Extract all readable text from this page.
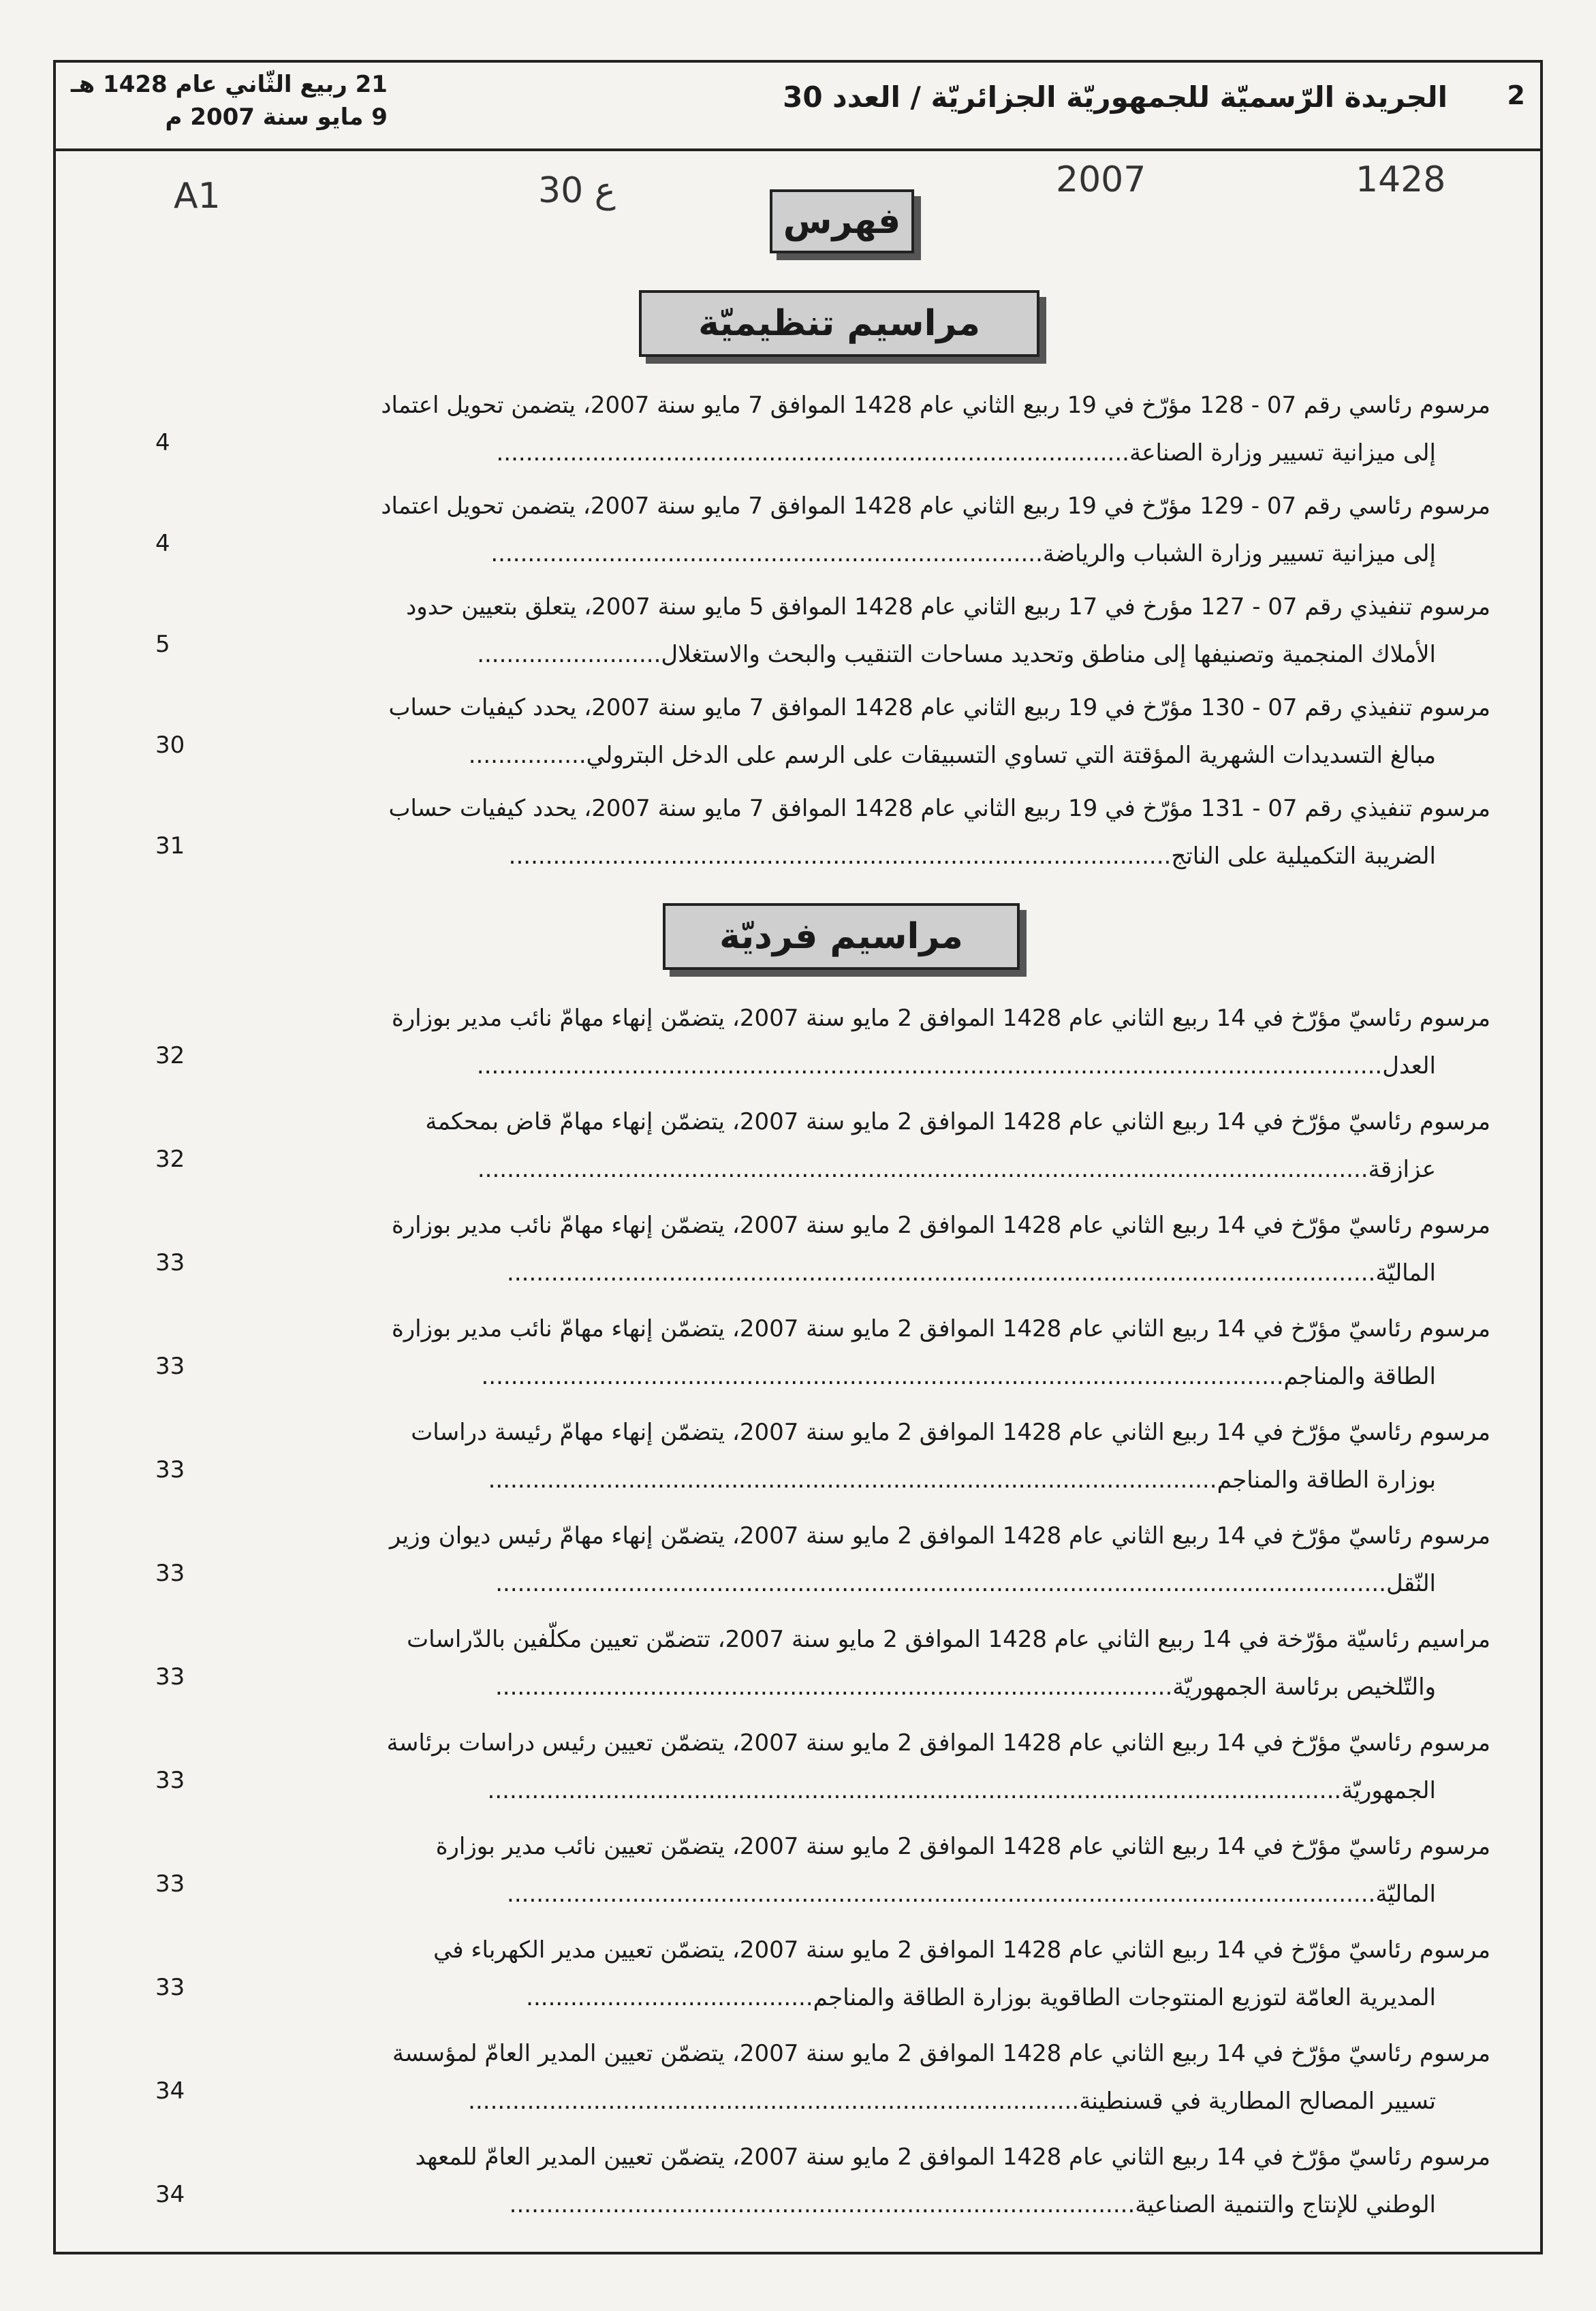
2
الجريدة الرّسميّة للجمهوريّة الجزائريّة / العدد 30
21 ربيع الثّاني عام 1428 هـ
9 مايو سنة 2007 م
1428
2007
ع 30
A1
فهرس
مراسيم تنظيميّة
مراسيم فرديّة

مرسوم رئاسي رقم 07 - 128 مؤرّخ في 19 ربيع الثاني عام 1428 الموافق 7 مايو سنة 2007، يتضمن تحويل اعتماد

إلى ميزانية تسيير وزارة الصناعة......................................................................................

4

مرسوم رئاسي رقم 07 - 129 مؤرّخ في 19 ربيع الثاني عام 1428 الموافق 7 مايو سنة 2007، يتضمن تحويل اعتماد

إلى ميزانية تسيير وزارة الشباب والرياضة...........................................................................

4

مرسوم تنفيذي رقم 07 - 127 مؤرخ في 17 ربيع الثاني عام 1428 الموافق 5 مايو سنة 2007، يتعلق بتعيين حدود

الأملاك المنجمية وتصنيفها إلى مناطق وتحديد مساحات التنقيب والبحث والاستغلال.........................

5

مرسوم تنفيذي رقم 07 - 130 مؤرّخ في 19 ربيع الثاني عام 1428 الموافق 7 مايو سنة 2007، يحدد كيفيات حساب

مبالغ التسديدات الشهرية المؤقتة التي تساوي التسبيقات على الرسم على الدخل البترولي................

30

مرسوم تنفيذي رقم 07 - 131 مؤرّخ في 19 ربيع الثاني عام 1428 الموافق 7 مايو سنة 2007، يحدد كيفيات حساب

الضريبة التكميلية على الناتج..........................................................................................

31

مرسوم رئاسيّ مؤرّخ في 14 ربيع الثاني عام 1428 الموافق 2 مايو سنة 2007، يتضمّن إنهاء مهامّ نائب مدير بوزارة

العدل...........................................................................................................................

32

مرسوم رئاسيّ مؤرّخ في 14 ربيع الثاني عام 1428 الموافق 2 مايو سنة 2007، يتضمّن إنهاء مهامّ قاض بمحكمة

عزازقة.........................................................................................................................

32

مرسوم رئاسيّ مؤرّخ في 14 ربيع الثاني عام 1428 الموافق 2 مايو سنة 2007، يتضمّن إنهاء مهامّ نائب مدير بوزارة

الماليّة......................................................................................................................

33

مرسوم رئاسيّ مؤرّخ في 14 ربيع الثاني عام 1428 الموافق 2 مايو سنة 2007، يتضمّن إنهاء مهامّ نائب مدير بوزارة

الطاقة والمناجم.............................................................................................................

33

مرسوم رئاسيّ مؤرّخ في 14 ربيع الثاني عام 1428 الموافق 2 مايو سنة 2007، يتضمّن إنهاء مهامّ رئيسة دراسات

بوزارة الطاقة والمناجم...................................................................................................

33

مرسوم رئاسيّ مؤرّخ في 14 ربيع الثاني عام 1428 الموافق 2 مايو سنة 2007، يتضمّن إنهاء مهامّ رئيس ديوان وزير

النّقل.........................................................................................................................

33

مراسيم رئاسيّة مؤرّخة في 14 ربيع الثاني عام 1428 الموافق 2 مايو سنة 2007، تتضمّن تعيين مكلّفين بالدّراسات

والتّلخيص برئاسة الجمهوريّة............................................................................................

33

مرسوم رئاسيّ مؤرّخ في 14 ربيع الثاني عام 1428 الموافق 2 مايو سنة 2007، يتضمّن تعيين رئيس دراسات برئاسة

الجمهوريّة....................................................................................................................

33

مرسوم رئاسيّ مؤرّخ في 14 ربيع الثاني عام 1428 الموافق 2 مايو سنة 2007، يتضمّن تعيين نائب مدير بوزارة

الماليّة......................................................................................................................

33

مرسوم رئاسيّ مؤرّخ في 14 ربيع الثاني عام 1428 الموافق 2 مايو سنة 2007، يتضمّن تعيين مدير الكهرباء في

المديرية العامّة لتوزيع المنتوجات الطاقوية بوزارة الطاقة والمناجم.......................................

33

مرسوم رئاسيّ مؤرّخ في 14 ربيع الثاني عام 1428 الموافق 2 مايو سنة 2007، يتضمّن تعيين المدير العامّ لمؤسسة

تسيير المصالح المطارية في قسنطينة...................................................................................

34

مرسوم رئاسيّ مؤرّخ في 14 ربيع الثاني عام 1428 الموافق 2 مايو سنة 2007، يتضمّن تعيين المدير العامّ للمعهد

الوطني للإنتاج والتنمية الصناعية.....................................................................................

34
